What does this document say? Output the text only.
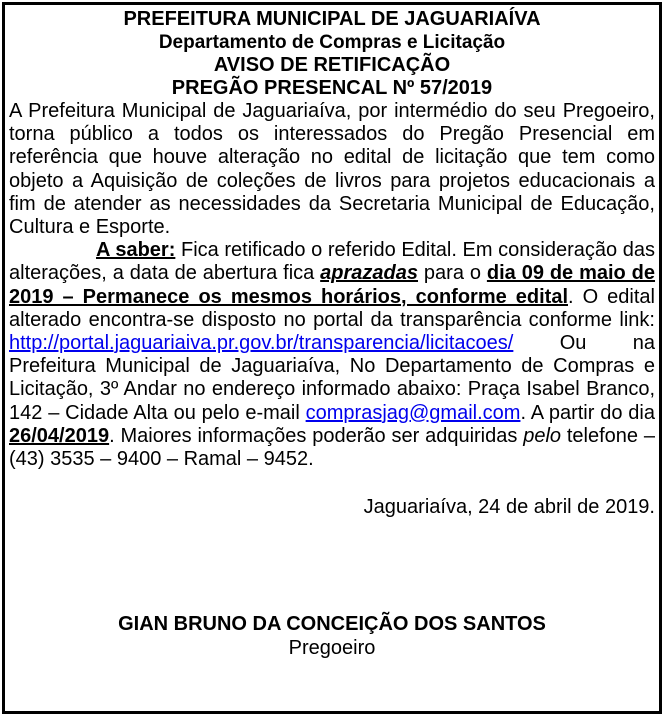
PREFEITURA MUNICIPAL DE JAGUARIAÍVA
Departamento de Compras e Licitação
AVISO DE RETIFICAÇÃO
PREGÃO PRESENCAL Nº 57/2019
A Prefeitura Municipal de Jaguariaíva, por intermédio do seu Pregoeiro, torna público a todos os interessados do Pregão Presencial em referência que houve alteração no edital de licitação que tem como objeto a Aquisição de coleções de livros para projetos educacionais a fim de atender as necessidades da Secretaria Municipal de Educação, Cultura e Esporte.
A saber: Fica retificado o referido Edital. Em consideração das alterações, a data de abertura fica aprazadas para o dia 09 de maio de 2019 – Permanece os mesmos horários, conforme edital. O edital alterado encontra-se disposto no portal da transparência conforme link: http://portal.jaguariaiva.pr.gov.br/transparencia/licitacoes/ Ou na Prefeitura Municipal de Jaguariaíva, No Departamento de Compras e Licitação, 3º Andar no endereço informado abaixo: Praça Isabel Branco, 142 – Cidade Alta ou pelo e-mail comprasjag@gmail.com. A partir do dia 26/04/2019. Maiores informações poderão ser adquiridas pelo telefone – (43) 3535 – 9400 – Ramal – 9452.
Jaguariaíva, 24 de abril de 2019.
GIAN BRUNO DA CONCEIÇÃO DOS SANTOS
Pregoeiro
